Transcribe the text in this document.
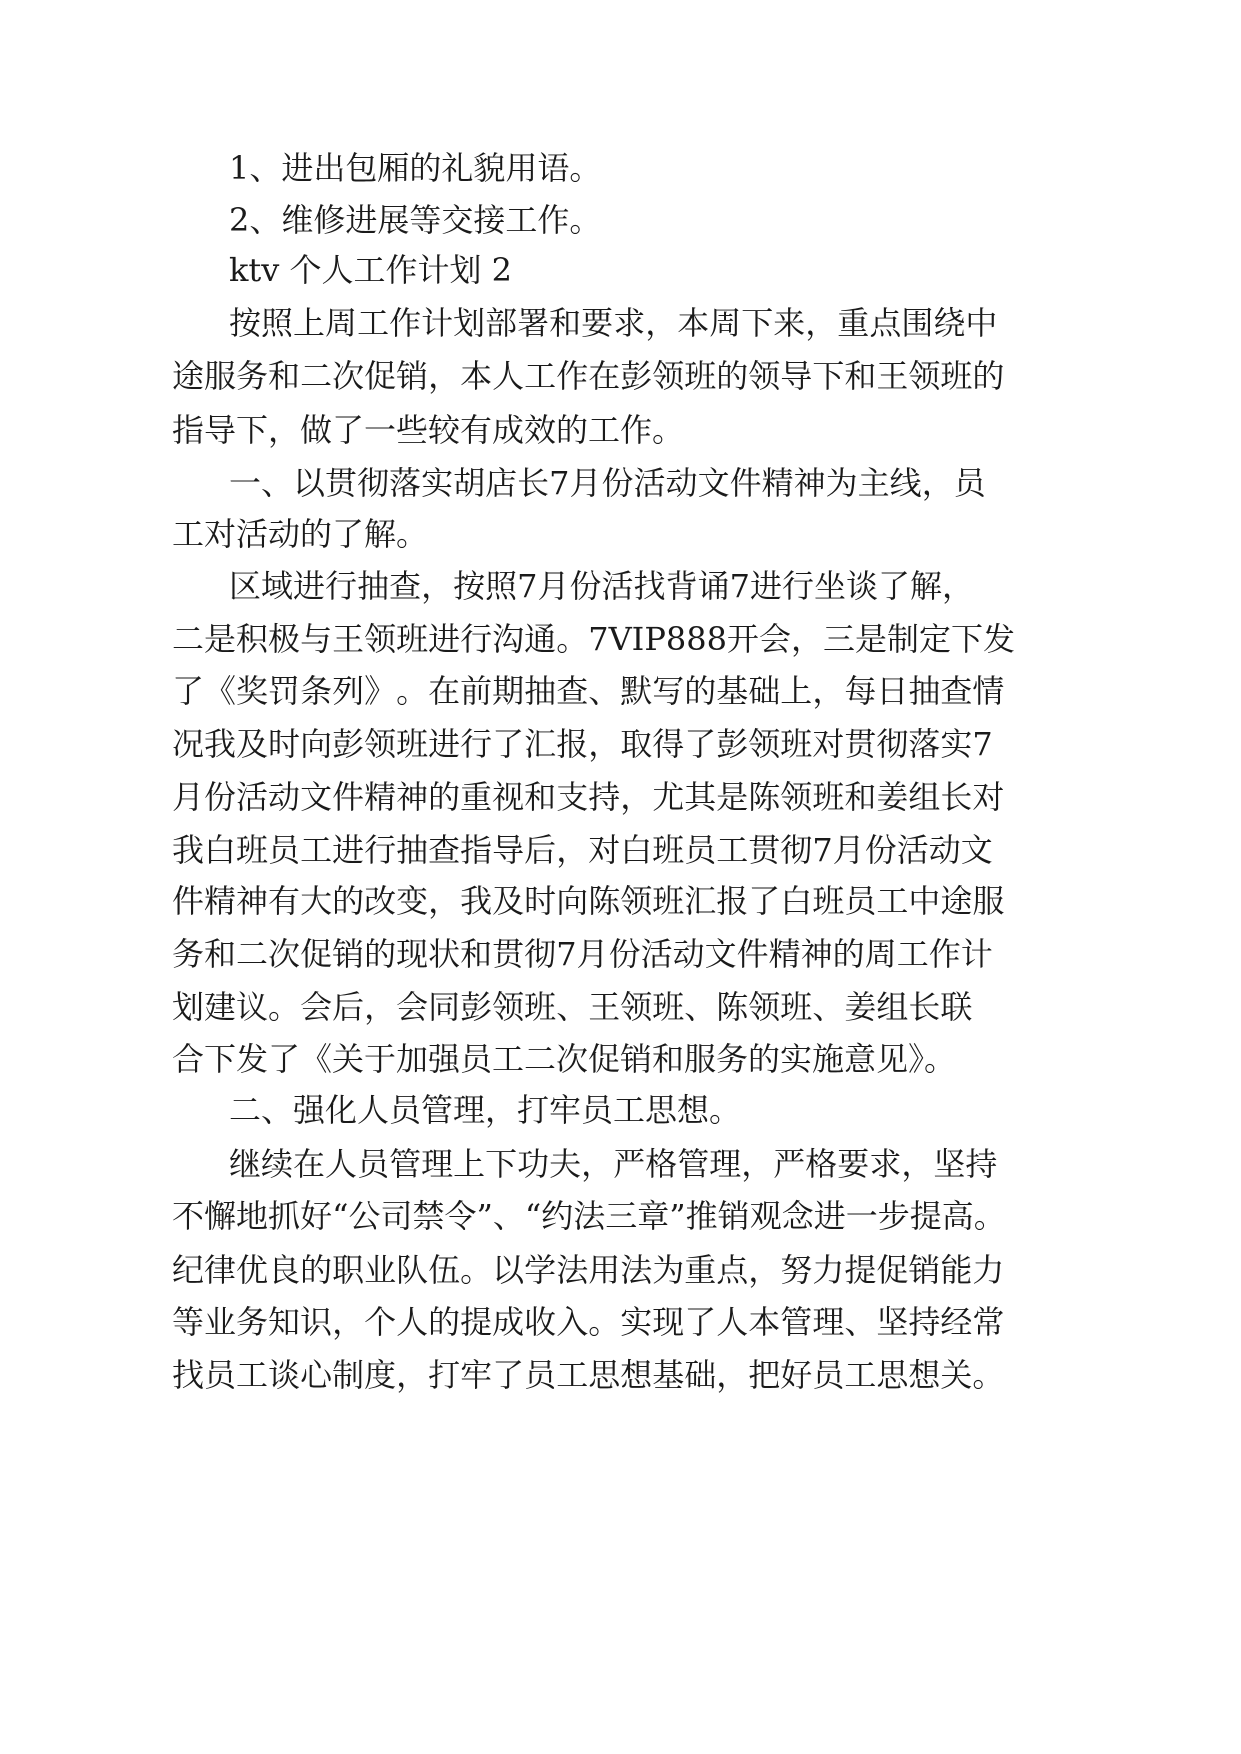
1、进出包厢的礼貌用语。
2、维修进展等交接工作。
ktv 个人工作计划 2
按 照 上 周 工 作 计 划 部 署 和 要 求 ， 本 周 下 来 ， 重 点 围 绕 中
途 服 务 和 二 次 促 销 ， 本 人 工 作 在 彭 领 班 的 领 导 下 和 王 领 班 的
指导下，做了一些较有成效的工作。
一 、 以 贯 彻 落 实 胡 店 长 7 月 份 活 动 文 件 精 神 为 主 线 ， 员
工对活动的了解。
区 域 进 行 抽 查 ， 按 照 7 月 份 活 找 背 诵 7 进 行 坐 谈 了 解 ，
二 是 积 极 与 王 领 班 进 行 沟 通 。 7 V I P 8 8 8 开 会 ， 三 是 制 定 下 发
了 《 奖 罚 条 列 》 。 在 前 期 抽 查 、 默 写 的 基 础 上 ， 每 日 抽 查 情
况 我 及 时 向 彭 领 班 进 行 了 汇 报 ， 取 得 了 彭 领 班 对 贯 彻 落 实 7
月 份 活 动 文 件 精 神 的 重 视 和 支 持 ， 尤 其 是 陈 领 班 和 姜 组 长 对
我 白 班 员 工 进 行 抽 查 指 导 后 ， 对 白 班 员 工 贯 彻 7 月 份 活 动 文
件 精 神 有 大 的 改 变 ， 我 及 时 向 陈 领 班 汇 报 了 白 班 员 工 中 途 服
务 和 二 次 促 销 的 现 状 和 贯 彻 7 月 份 活 动 文 件 精 神 的 周 工 作 计
划 建 议 。 会 后 ， 会 同 彭 领 班 、 王 领 班 、 陈 领 班 、 姜 组 长 联
合下发了《关于加强员工二次促销和服务的实施意见》。
二、强化人员管理，打牢员工思想。
继 续 在 人 员 管 理 上 下 功 夫 ， 严 格 管 理 ， 严 格 要 求 ， 坚 持
不 懈 地 抓 好 “ 公 司 禁 令 ” 、 “ 约 法 三 章 ” 推 销 观 念 进 一 步 提 高 。
纪 律 优 良 的 职 业 队 伍 。 以 学 法 用 法 为 重 点 ， 努 力 提 促 销 能 力
等 业 务 知 识 ， 个 人 的 提 成 收 入 。 实 现 了 人 本 管 理 、 坚 持 经 常
找 员 工 谈 心 制 度 ， 打 牢 了 员 工 思 想 基 础 ， 把 好 员 工 思 想 关 。
